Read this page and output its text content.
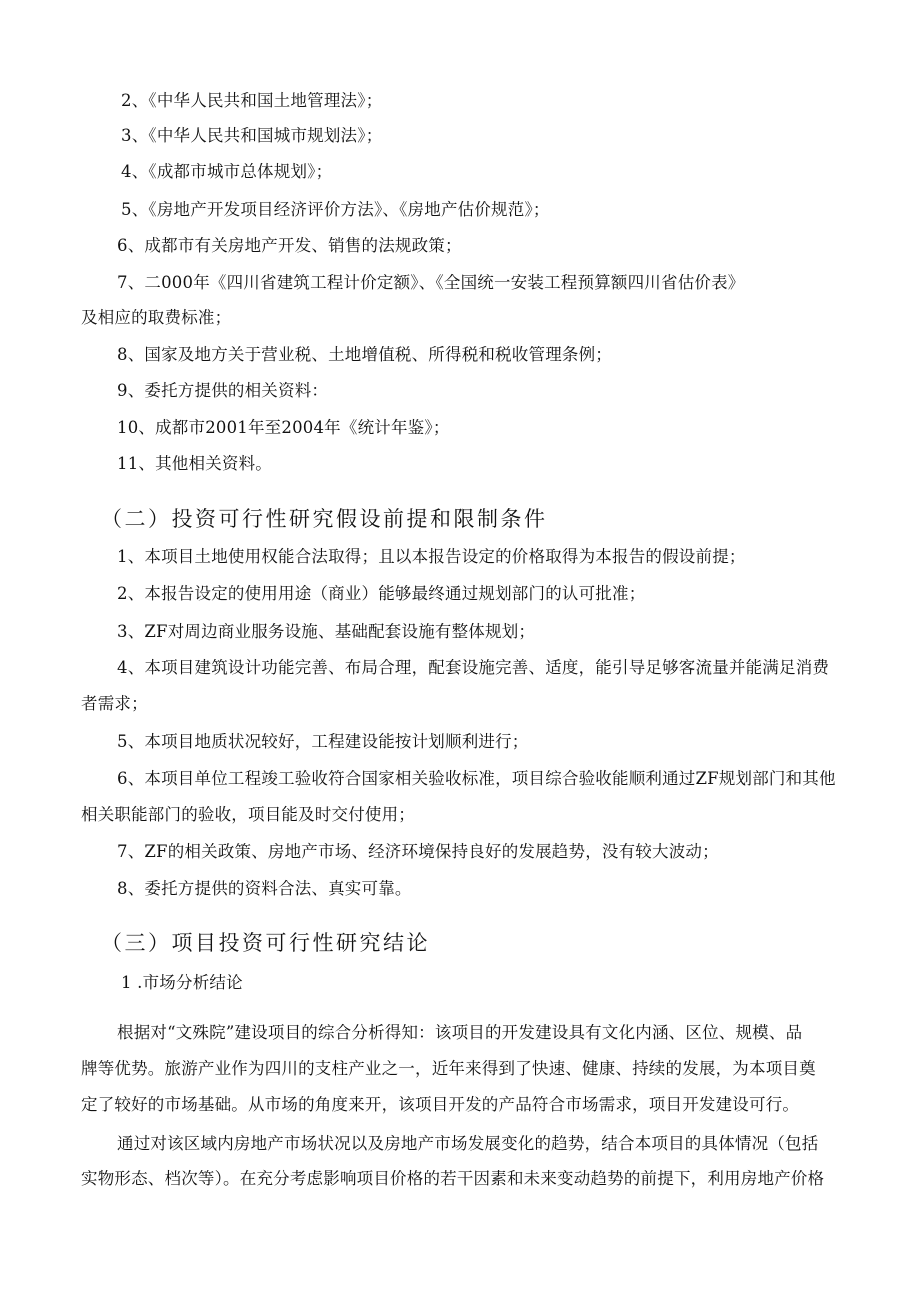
2、《中华人民共和国土地管理法》；
3、《中华人民共和国城市规划法》；
4、《成都市城市总体规划》；
5、《房地产开发项目经济评价方法》、《房地产估价规范》；
6、成都市有关房地产开发、销售的法规政策；
7、二000年《四川省建筑工程计价定额》、《全国统一安装工程预算额四川省估价表》
及相应的取费标准；
8、国家及地方关于营业税、土地增值税、所得税和税收管理条例；
9、委托方提供的相关资料：
10、成都市2001年至2004年《统计年鉴》；
11、其他相关资料。
（二）投资可行性研究假设前提和限制条件
1、本项目土地使用权能合法取得；且以本报告设定的价格取得为本报告的假设前提；
2、本报告设定的使用用途（商业）能够最终通过规划部门的认可批准；
3、ZF对周边商业服务设施、基础配套设施有整体规划；
4、本项目建筑设计功能完善、布局合理，配套设施完善、适度，能引导足够客流量并能满足消费
者需求；
5、本项目地质状况较好，工程建设能按计划顺利进行；
6、本项目单位工程竣工验收符合国家相关验收标准，项目综合验收能顺利通过ZF规划部门和其他
相关职能部门的验收，项目能及时交付使用；
7、ZF的相关政策、房地产市场、经济环境保持良好的发展趋势，没有较大波动；
8、委托方提供的资料合法、真实可靠。
（三）项目投资可行性研究结论
1 .市场分析结论
根据对“文殊院”建设项目的综合分析得知：该项目的开发建设具有文化内涵、区位、规模、品
牌等优势。旅游产业作为四川的支柱产业之一，近年来得到了快速、健康、持续的发展，为本项目奠
定了较好的市场基础。从市场的角度来开，该项目开发的产品符合市场需求，项目开发建设可行。
通过对该区域内房地产市场状况以及房地产市场发展变化的趋势，结合本项目的具体情况（包括
实物形态、档次等）。在充分考虑影响项目价格的若干因素和未来变动趋势的前提下，利用房地产价格
